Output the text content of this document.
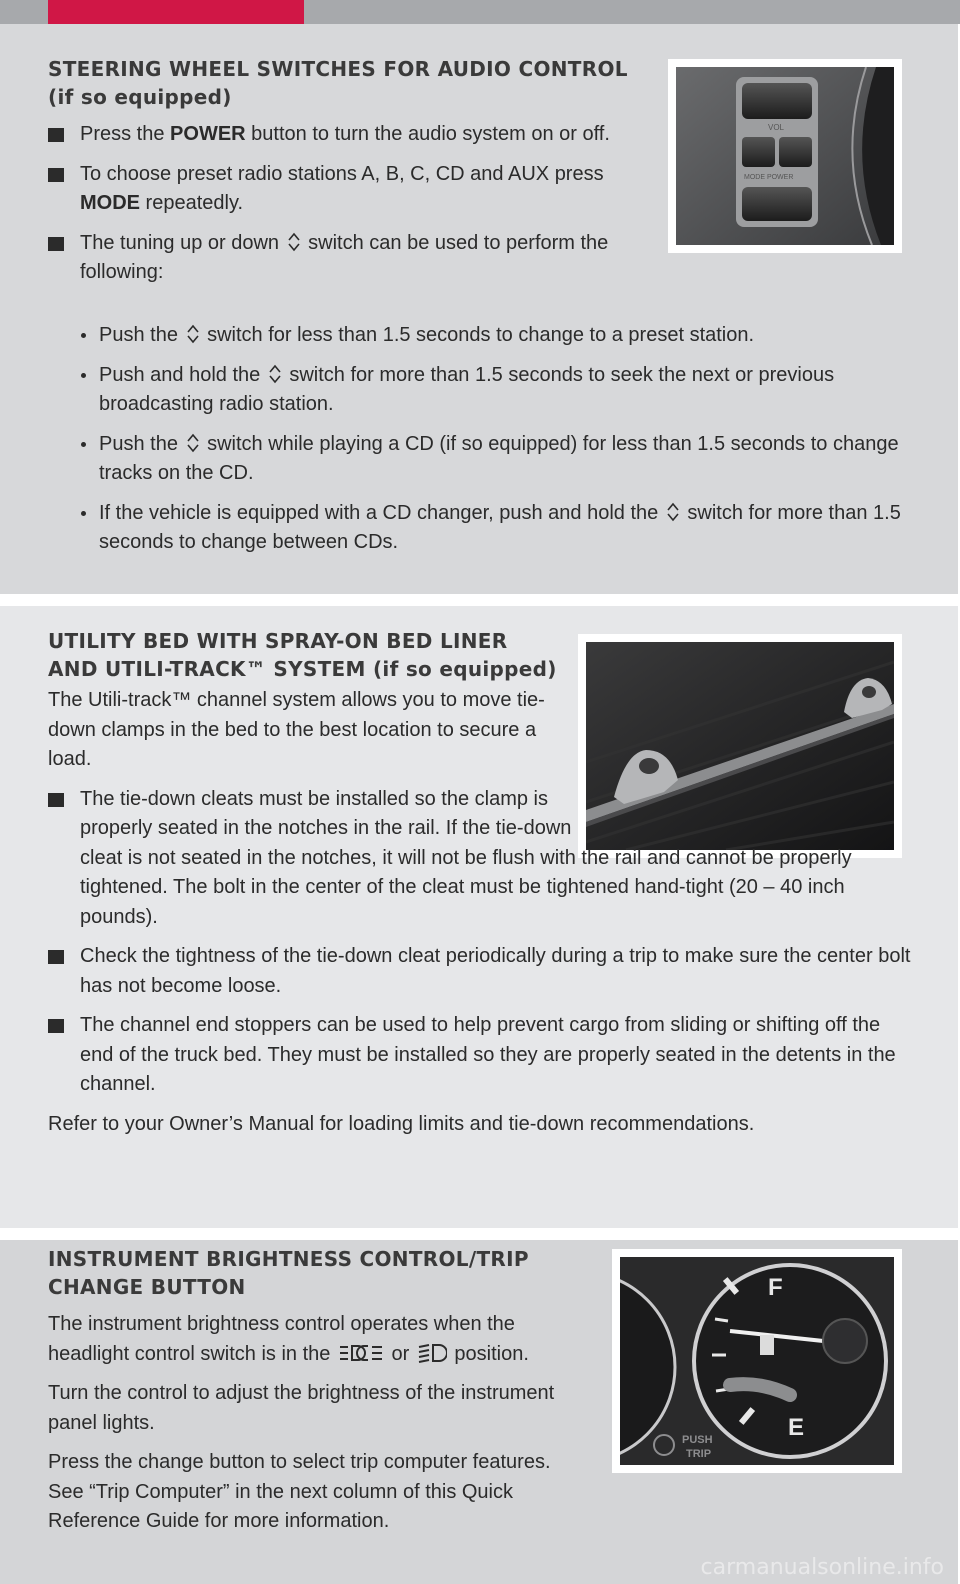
STEERING WHEEL SWITCHES FOR AUDIO CONTROL
(if so equipped)
VOL
MODE POWER
Press the POWER button to turn the audio system on or off.
To choose preset radio stations A, B, C, CD and AUX press MODE repeatedly.
The tuning up or down  switch can be used to perform the following:
Push the  switch for less than 1.5 seconds to change to a preset station.
Push and hold the  switch for more than 1.5 seconds to seek the next or previous broadcasting radio station.
Push the  switch while playing a CD (if so equipped) for less than 1.5 seconds to change tracks on the CD.
If the vehicle is equipped with a CD changer, push and hold the  switch for more than 1.5 seconds to change between CDs.
UTILITY BED WITH SPRAY-ON BED LINER
AND UTILI-TRACK™ SYSTEM (if so equipped)

The Utili-track™ channel system allows you to move tie-down clamps in the bed to the best location to secure a load.

The tie-down cleats must be installed so the clamp is properly seated in the notches in the rail. If the tie-down cleat is not seated in the notches, it will not be flush with the rail and cannot be properly tightened. The bolt in the center of the cleat must be tightened hand-tight (20 – 40 inch pounds).
Check the tightness of the tie-down cleat periodically during a trip to make sure the center bolt has not become loose.
The channel end stoppers can be used to help prevent cargo from sliding or shifting off the end of the truck bed. They must be installed so they are properly seated in the detents in the channel.

Refer to your Owner’s Manual for loading limits and tie-down recommendations.

INSTRUMENT BRIGHTNESS CONTROL/TRIP
CHANGE BUTTON	F
E
PUSH
TRIP

The instrument brightness control operates when the headlight control switch is in the	or  position.

Turn the control to adjust the brightness of the instrument panel lights.

Press the change button to select trip computer features. See “Trip Computer” in the next column of this Quick Reference Guide for more information.

carmanualsonline.info
